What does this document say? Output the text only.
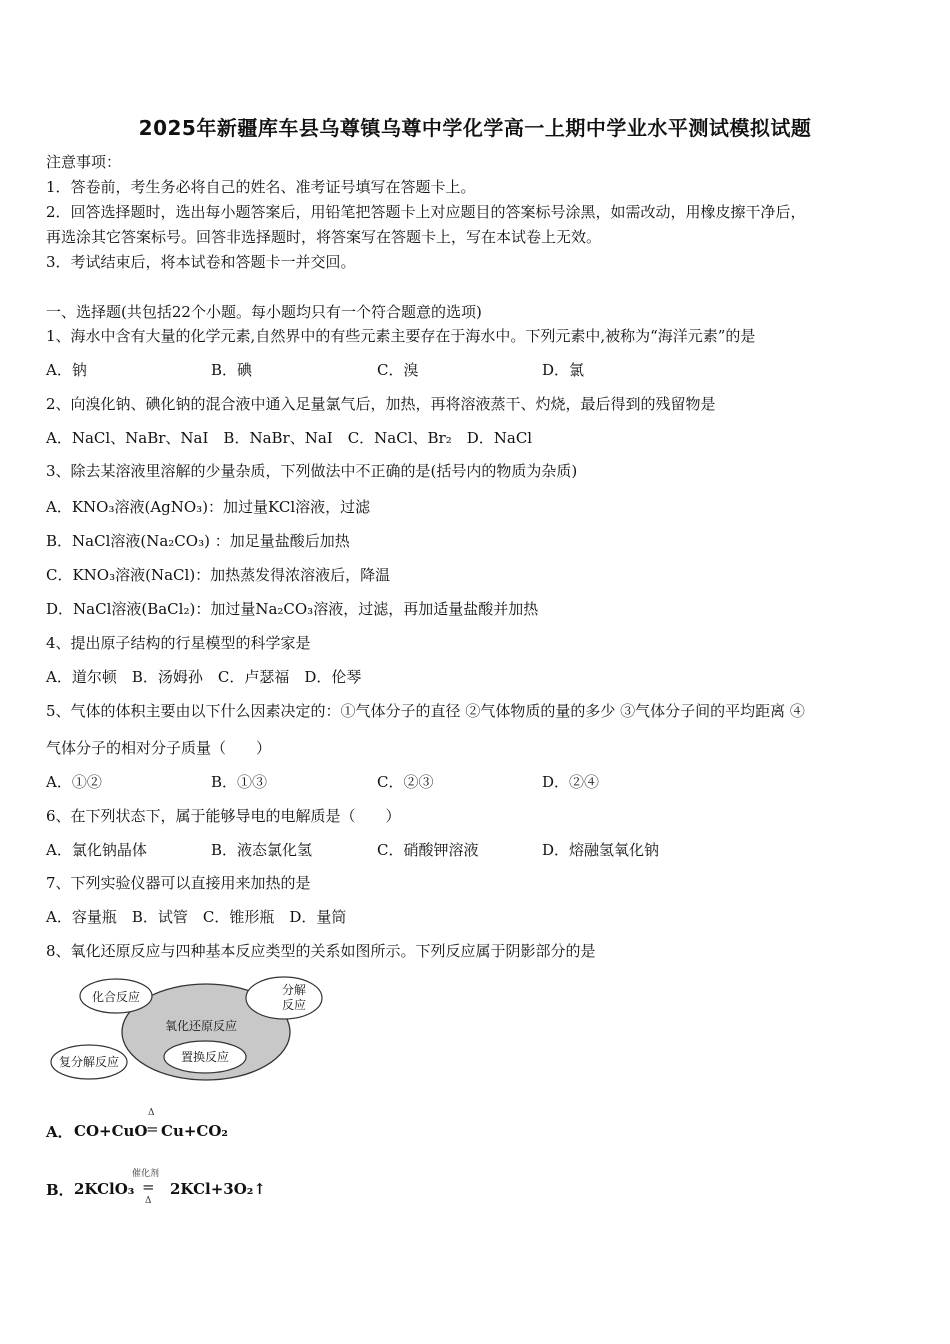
2025年新疆库车县乌尊镇乌尊中学化学高一上期中学业水平测试模拟试题
注意事项：
1．答卷前，考生务必将自己的姓名、准考证号填写在答题卡上。
2．回答选择题时，选出每小题答案后，用铅笔把答题卡上对应题目的答案标号涂黑，如需改动，用橡皮擦干净后，
再选涂其它答案标号。回答非选择题时，将答案写在答题卡上，写在本试卷上无效。
3．考试结束后，将本试卷和答题卡一并交回。
一、选择题(共包括22个小题。每小题均只有一个符合题意的选项)
1、海水中含有大量的化学元素,自然界中的有些元素主要存在于海水中。下列元素中,被称为“海洋元素”的是
A．钠	B．碘	C．溴	D．氯
2、向溴化钠、碘化钠的混合液中通入足量氯气后，加热，再将溶液蒸干、灼烧，最后得到的残留物是
A．NaCl、NaBr、NaI　B．NaBr、NaI　C．NaCl、Br₂　D．NaCl
3、除去某溶液里溶解的少量杂质，下列做法中不正确的是(括号内的物质为杂质)
A．KNO₃溶液(AgNO₃)：加过量KCl溶液，过滤
B．NaCl溶液(Na₂CO₃) ：加足量盐酸后加热
C．KNO₃溶液(NaCl)：加热蒸发得浓溶液后，降温
D．NaCl溶液(BaCl₂)：加过量Na₂CO₃溶液，过滤，再加适量盐酸并加热
4、提出原子结构的行星模型的科学家是
A．道尔顿　B．汤姆孙　C．卢瑟福　D．伦琴
5、气体的体积主要由以下什么因素决定的：①气体分子的直径 ②气体物质的量的多少 ③气体分子间的平均距离 ④
气体分子的相对分子质量（　　）
A．①②	B．①③	C．②③	D．②④
6、在下列状态下，属于能够导电的电解质是（　　）
A．氯化钠晶体	B．液态氯化氢	C．硝酸钾溶液	D．熔融氢氧化钠
7、下列实验仪器可以直接用来加热的是
A．容量瓶　B．试管　C．锥形瓶　D．量筒
8、氧化还原反应与四种基本反应类型的关系如图所示。下列反应属于阴影部分的是
化合反应	分解
反应
氧化还原反应
置换反应
复分解反应
A． CO+CuO
Δ
= Cu+CO₂
B． 2KClO₃
催化剂
=
Δ
2KCl+3O₂↑
